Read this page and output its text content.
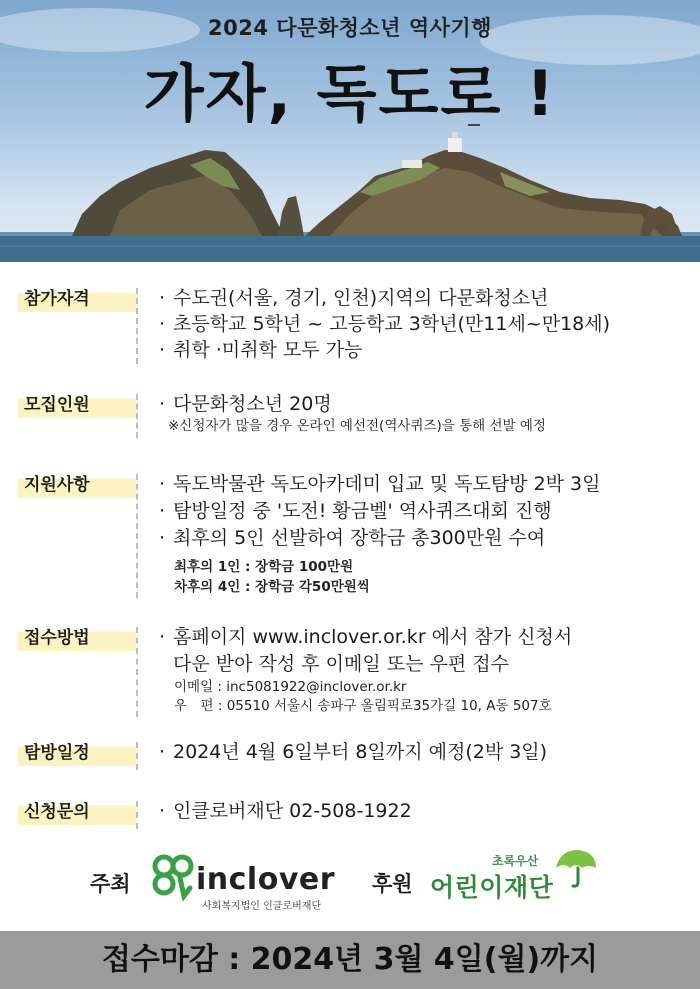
2024 다문화청소년 역사기행
가자, 독도로 !
참가자격	· 수도권(서울, 경기, 인천)지역의 다문화청소년
· 초등학교 5학년 ~ 고등학교 3학년(만11세~만18세)
· 취학 ·미취학 모두 가능
모집인원	· 다문화청소년 20명
※신청자가 많을 경우 온라인 예선전(역사퀴즈)을 통해 선발 예정
지원사항	· 독도박물관 독도아카데미 입교 및 독도탐방 2박 3일
· 탐방일정 중 '도전! 황금벨' 역사퀴즈대회 진행
· 최후의 5인 선발하여 장학금 총300만원 수여
최후의 1인 : 장학금 100만원
차후의 4인 : 장학금 각50만원씩
접수방법	· 홈페이지 www.inclover.or.kr 에서 참가 신청서
다운 받아 작성 후 이메일 또는 우편 접수
이메일 : inc5081922@inclover.or.kr
우　편 : 05510 서울시 송파구 올림픽로35가길 10, A동 507호
탐방일정	· 2024년 4월 6일부터 8일까지 예정(2박 3일)
신청문의	· 인클로버재단 02-508-1922
주최 inclover
사회복지법인 인클로버재단
후원
초록우산
어린이재단
접수마감 : 2024년 3월 4일(월)까지
